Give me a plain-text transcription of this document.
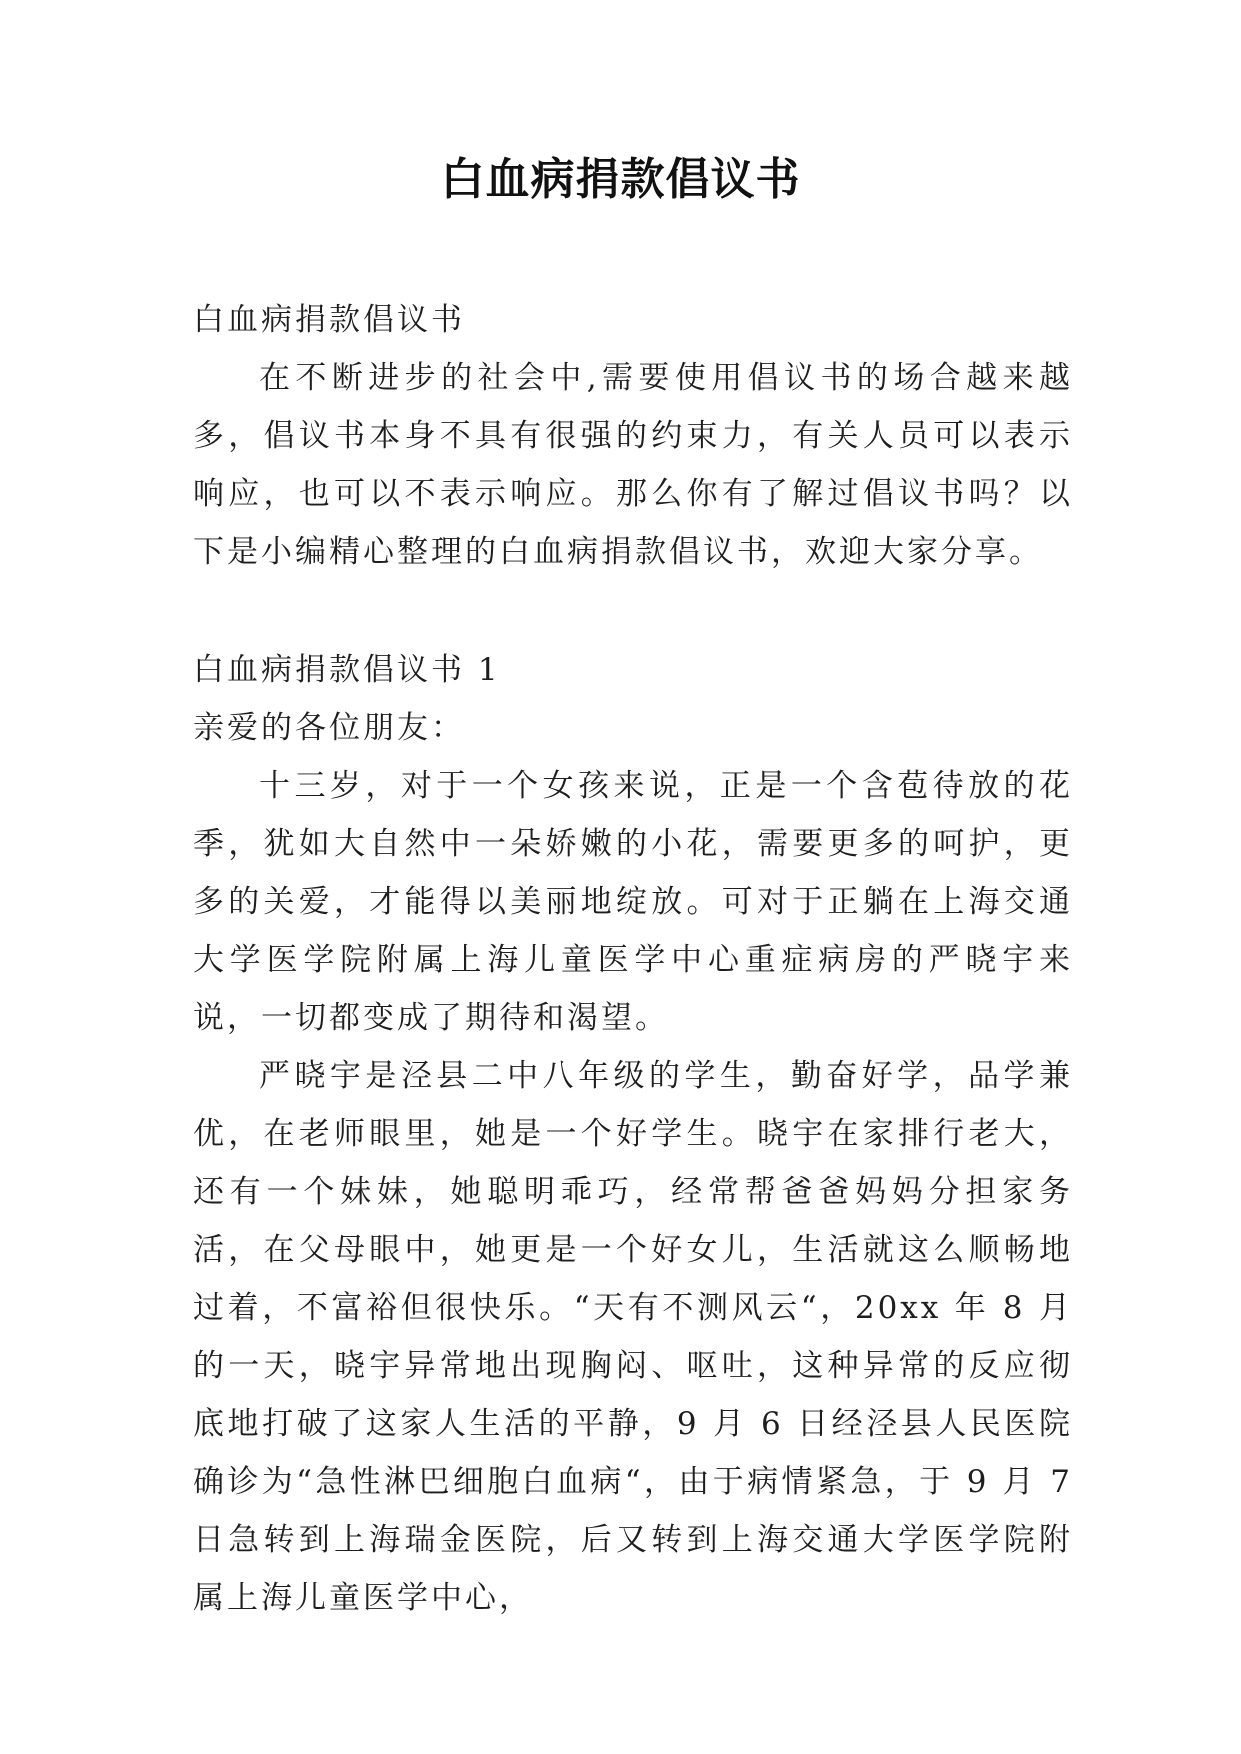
白血病捐款倡议书

白血病捐款倡议书

在不断进步的社会中,需要使用倡议书的场合越来越多，倡议书本身不具有很强的约束力，有关人员可以表示响应，也可以不表示响应。那么你有了解过倡议书吗？以下是小编精心整理的白血病捐款倡议书，欢迎大家分享。

白血病捐款倡议书 1

亲爱的各位朋友：

十三岁，对于一个女孩来说，正是一个含苞待放的花季，犹如大自然中一朵娇嫩的小花，需要更多的呵护，更多的关爱，才能得以美丽地绽放。可对于正躺在上海交通大学医学院附属上海儿童医学中心重症病房的严晓宇来说，一切都变成了期待和渴望。

严晓宇是泾县二中八年级的学生，勤奋好学，品学兼优，在老师眼里，她是一个好学生。晓宇在家排行老大，还有一个妹妹，她聪明乖巧，经常帮爸爸妈妈分担家务活，在父母眼中，她更是一个好女儿，生活就这么顺畅地过着，不富裕但很快乐。“天有不测风云“，20xx 年 8 月的一天，晓宇异常地出现胸闷、呕吐，这种异常的反应彻底地打破了这家人生活的平静，9 月 6 日经泾县人民医院确诊为“急性淋巴细胞白血病“，由于病情紧急，于 9 月 7 日急转到上海瑞金医院，后又转到上海交通大学医学院附属上海儿童医学中心，
